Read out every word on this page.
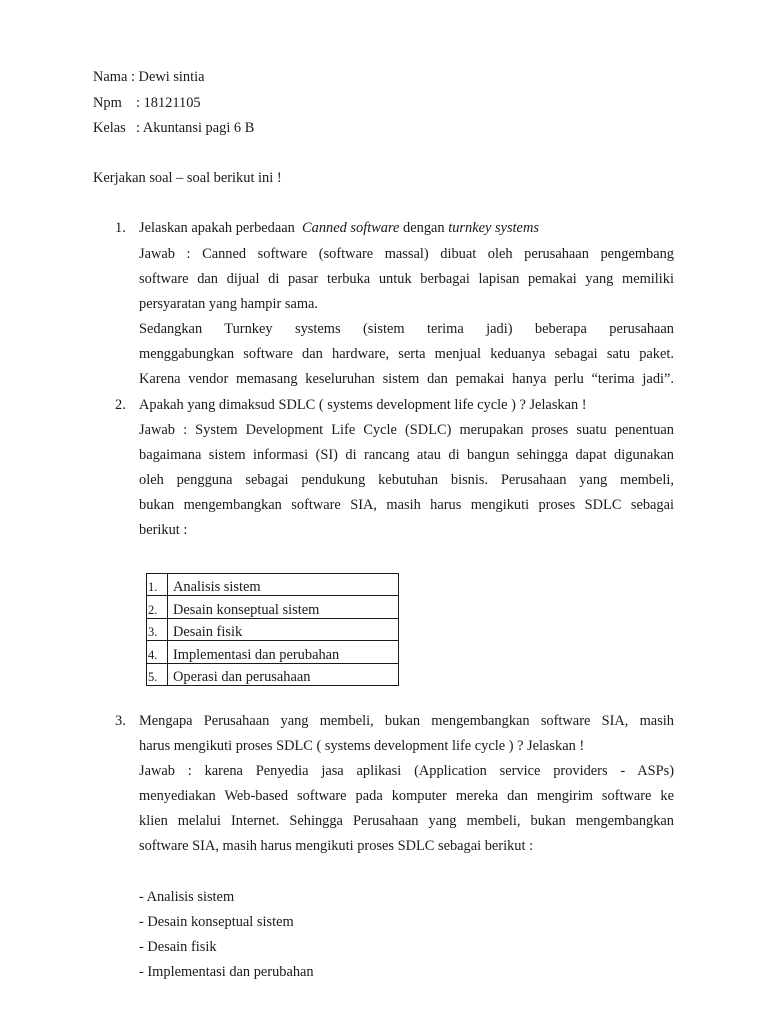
Nama : Dewi sintia
Npm : 18121105
Kelas : Akuntansi pagi 6 B
Kerjakan soal – soal berikut ini !
1. Jelaskan apakah perbedaan Canned software dengan turnkey systems
Jawab : Canned software (software massal) dibuat oleh perusahaan pengembang
software dan dijual di pasar terbuka untuk berbagai lapisan pemakai yang memiliki
persyaratan yang hampir sama.
Sedangkan Turnkey systems (sistem terima jadi) beberapa perusahaan
menggabungkan software dan hardware, serta menjual keduanya sebagai satu paket.
Karena vendor memasang keseluruhan sistem dan pemakai hanya perlu “terima jadi”.
2. Apakah yang dimaksud SDLC ( systems development life cycle ) ? Jelaskan !
Jawab : System Development Life Cycle (SDLC) merupakan proses suatu penentuan
bagaimana sistem informasi (SI) di rancang atau di bangun sehingga dapat digunakan
oleh pengguna sebagai pendukung kebutuhan bisnis. Perusahaan yang membeli,
bukan mengembangkan software SIA, masih harus mengikuti proses SDLC sebagai
berikut :
1.	Analisis sistem
2.	Desain konseptual sistem
3.	Desain fisik
4.	Implementasi dan perubahan
5.	Operasi dan perusahaan
3. Mengapa Perusahaan yang membeli, bukan mengembangkan software SIA, masih
harus mengikuti proses SDLC ( systems development life cycle ) ? Jelaskan !
Jawab : karena Penyedia jasa aplikasi (Application service providers - ASPs)
menyediakan Web-based software pada komputer mereka dan mengirim software ke
klien melalui Internet. Sehingga Perusahaan yang membeli, bukan mengembangkan
software SIA, masih harus mengikuti proses SDLC sebagai berikut :
- Analisis sistem
- Desain konseptual sistem
- Desain fisik
- Implementasi dan perubahan
